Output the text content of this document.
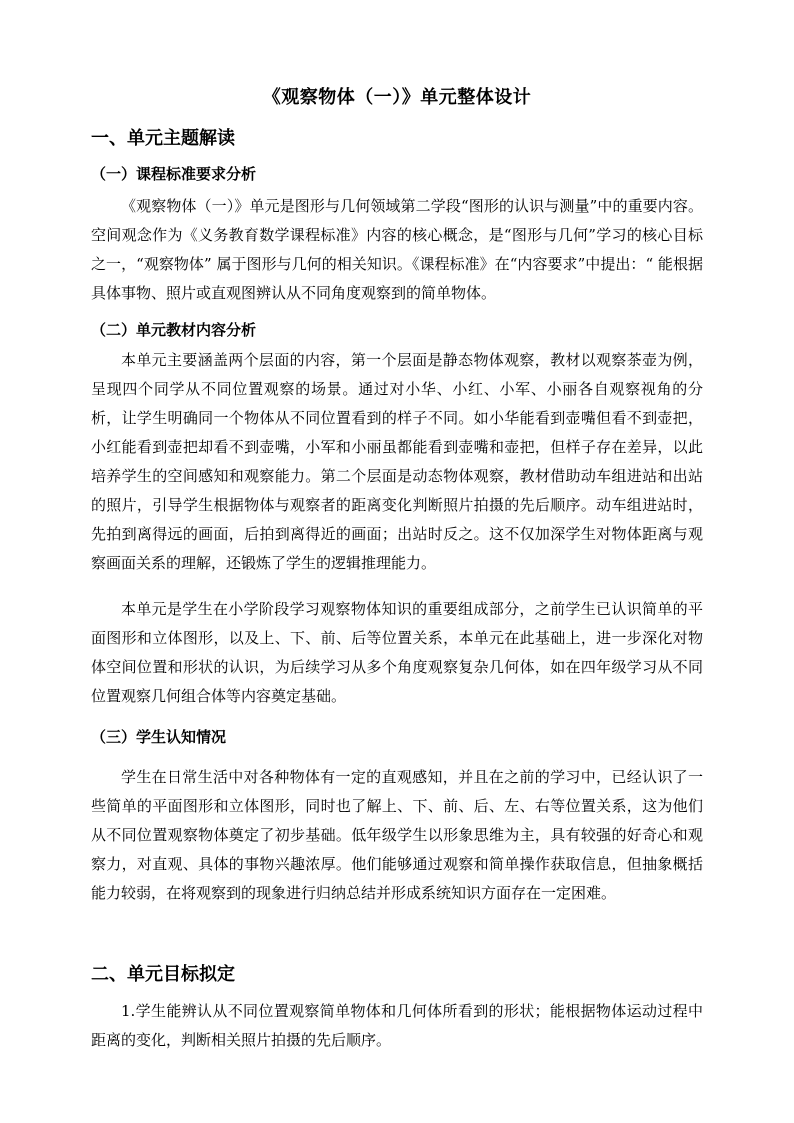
《观察物体（一）》单元整体设计
一、单元主题解读
（一）课程标准要求分析

《观察物体（一）》单元是图形与几何领域第二学段“图形的认识与测量”中的重要内容。空间观念作为《义务教育数学课程标准》内容的核心概念，是“图形与几何”学习的核心目标之一，“观察物体” 属于图形与几何的相关知识。《课程标准》在“内容要求”中提出：“ 能根据具体事物、照片或直观图辨认从不同角度观察到的简单物体。

（二）单元教材内容分析

本单元主要涵盖两个层面的内容，第一个层面是静态物体观察，教材以观察茶壶为例，呈现四个同学从不同位置观察的场景。通过对小华、小红、小军、小丽各自观察视角的分析，让学生明确同一个物体从不同位置看到的样子不同。如小华能看到壶嘴但看不到壶把，小红能看到壶把却看不到壶嘴，小军和小丽虽都能看到壶嘴和壶把，但样子存在差异，以此培养学生的空间感知和观察能力。第二个层面是动态物体观察，教材借助动车组进站和出站的照片，引导学生根据物体与观察者的距离变化判断照片拍摄的先后顺序。动车组进站时，先拍到离得远的画面，后拍到离得近的画面；出站时反之。这不仅加深学生对物体距离与观察画面关系的理解，还锻炼了学生的逻辑推理能力。

本单元是学生在小学阶段学习观察物体知识的重要组成部分，之前学生已认识简单的平面图形和立体图形，以及上、下、前、后等位置关系，本单元在此基础上，进一步深化对物体空间位置和形状的认识，为后续学习从多个角度观察复杂几何体，如在四年级学习从不同位置观察几何组合体等内容奠定基础。

（三）学生认知情况

学生在日常生活中对各种物体有一定的直观感知，并且在之前的学习中，已经认识了一些简单的平面图形和立体图形，同时也了解上、下、前、后、左、右等位置关系，这为他们从不同位置观察物体奠定了初步基础。低年级学生以形象思维为主，具有较强的好奇心和观察力，对直观、具体的事物兴趣浓厚。他们能够通过观察和简单操作获取信息，但抽象概括能力较弱，在将观察到的现象进行归纳总结并形成系统知识方面存在一定困难。

二、单元目标拟定

1.学生能辨认从不同位置观察简单物体和几何体所看到的形状；能根据物体运动过程中距离的变化，判断相关照片拍摄的先后顺序。
